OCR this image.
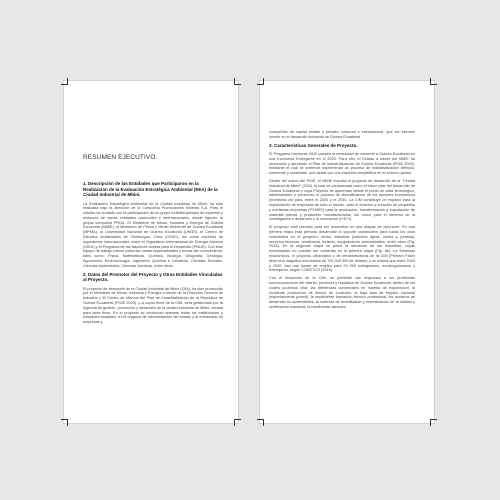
RESUMEN EJECUTIVO.
1. Descripción de las Entidades que Participaron en la Realización de la Evaluación Estratégica Ambiental (EEA) de la Ciudad Industrial de Mbini.

La Evaluación Estratégica Ambiental de la Ciudad Industrial de Mbini, ha sido realizada bajo la dirección de la Compañía Promociones Mineras S.A. Para el estudio ha contado con la participación de un grupo multidisciplinario de expertos y revisores de varias entidades nacionales e internacionales, donde figuran: la propia compañía PROA, El Ministerio de Minas, Industria y Energía de Guinea Ecuatorial (MMIE), el Ministerio de Pesca y Medio Ambiente de Guinea Ecuatorial (MPMA), la Universidad Nacional de Guinea Ecuatorial (UNGE), el Centro de Estudios Ambientales de Cienfuegos, Cuba (CEAC), así como expertos de organismos internacionales como el Organismo Internacional de Energía Atómica (OIEA) y el Programa de las Naciones Unidas para el Desarrollo (PNUD). Con éste equipo de trabajo fueron cubiertas varias especialidades y temas del conocimiento, tales como: Física, Matemáticas, Química, Biología, Geografía, Geología, Agronomía, Ecotoxicología, Ingeniería Química e Industrial, Ciencias Sociales, Ciencias Ambientales, Ciencias Jurídicas, entre otras.

2. Datos del Promotor del Proyecto y Otras Entidades Vinculadas al Proyecto.

El proyecto de desarrollo de la Ciudad Industrial de Mbini (CIM), ha sido promovido por el Ministerio de Minas, Industria y Energía a través de la Dirección General de Industria y El Centro de Marcos del Plan de Industrialización de la República de Guinea Ecuatorial (PIGE 2020), y a cuyos fines de la CIM, será gestionado por la Agencia de gestión, promoción y desarrollo de la ciudad industrial de Mbini, creada para tales fines. En el proyecto se involucran además todas las instituciones y entidades estatales, a los órganos de administración del estado y al entramado de empresas y

compañías de capital estatal y privado; nacional e internacional, que les interese invertir en el desarrollo industrial de Guinea Ecuatorial.

3. Características Generales de Proyecto.

El Programa Horizonte 2020 plantea la necesidad de convertir a Guinea Ecuatorial en una Economía Emergente en el 2020. Para ello, el Estado a través del MMIE ha promovido y aprobado el Plan de Industrialización de Guinea Ecuatorial (PIGE 2020), mediante el cual se pretende implementar un proceso de industrialización definido, coherente y sostenible, que ajuste por una industria competitiva en el entorno global.

Dentro del marco del PIGE, el MMIE impulsa el proyecto de desarrollo de la "Ciudad Industrial de Mbini" (CIM), la cual se considerada como el futuro pilar del desarrollo de Guinea Ecuatorial y cuya Proyecto se aparentan desde el punto de vista tecnológico, administrativo y comercial, el proceso de diversificación de los sectores económicos prioritarios del país, entre el 2020 y el 2030. La CIM constituye un espacio para la implantación de empresas de todo el mundo, para el fomento y creación de pequeñas y medianas empresas (PYMES) para la producción, transformación y exportación de materias primas y productos manufacturados, así como para el fomento de la investigación e desarrollo y la innovación (I+D+I).

El proyecto está previsto para ser acometido en dos etapas de ejecución. En una primera etapa está previsto desarrollar el soporte constructivo para todos los usos concebidos en el proyecto: sector industrial (industria ligera, media y pesada), servicios técnicos, residencial, turismo, equipamiento administrativo, entre otros (Fig. 2016). En la segunda etapa se prevé la ubicación de las industrias, cuyas necesidades no puedan ser cubiertas en la primera etapa (Fig. de). La Sistemas económicos, el proyecto urbanístico y de infraestructuras de la CIM (Primera Fase) tiene una magnitud económica de 700 000 000 de dólares, y se estima que entre 2020 y 2030, esa una fuente de empleo para 20 000 trabajadores, ecuatoguineanos y extranjeros, según COEETCO (2016).

Con el desarrollo de la CIM, se pretende dar respuesta a los problemas socioeconómicos del distrito, provincia y república de Guinea Ecuatorial, dentro de los cuales podemos citar: las diferencias comerciales en materia de exportación, la incipiente producción de bienes de consumo, la baja tasa de empleo nacional (especialmente juvenil), la insuficiente formación técnico profesional, los modelos de desarrollo no sustentables, la carencia de acreditación y normalización de la calidad y certificación industrial, la insuficiente atención
